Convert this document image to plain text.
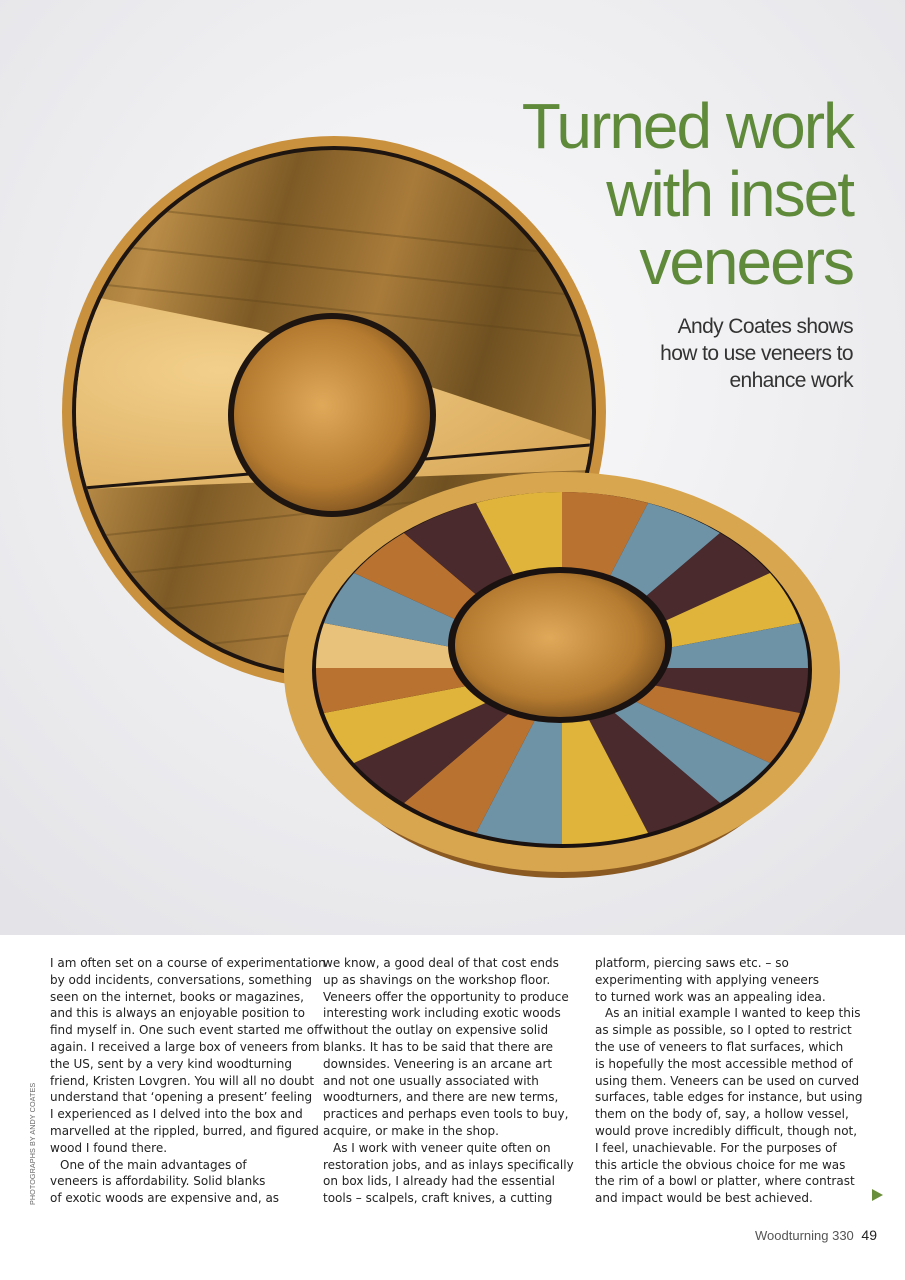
Turned work
with inset
veneers
Andy Coates shows
how to use veneers to
enhance work
PHOTOGRAPHS BY ANDY COATES

I am often set on a course of experimentation
by odd incidents, conversations, something
seen on the internet, books or magazines,
and this is always an enjoyable position to
find myself in. One such event started me off
again. I received a large box of veneers from
the US, sent by a very kind woodturning
friend, Kristen Lovgren. You will all no doubt
understand that ‘opening a present’ feeling
I experienced as I delved into the box and
marvelled at the rippled, burred, and figured
wood I found there.

One of the main advantages of
veneers is affordability. Solid blanks
of exotic woods are expensive and, as

we know, a good deal of that cost ends
up as shavings on the workshop floor.
Veneers offer the opportunity to produce
interesting work including exotic woods
without the outlay on expensive solid
blanks. It has to be said that there are
downsides. Veneering is an arcane art
and not one usually associated with
woodturners, and there are new terms,
practices and perhaps even tools to buy,
acquire, or make in the shop.

As I work with veneer quite often on
restoration jobs, and as inlays specifically
on box lids, I already had the essential
tools – scalpels, craft knives, a cutting

platform, piercing saws etc. – so
experimenting with applying veneers
to turned work was an appealing idea.

As an initial example I wanted to keep this
as simple as possible, so I opted to restrict
the use of veneers to flat surfaces, which
is hopefully the most accessible method of
using them. Veneers can be used on curved
surfaces, table edges for instance, but using
them on the body of, say, a hollow vessel,
would prove incredibly difficult, though not,
I feel, unachievable. For the purposes of
this article the obvious choice for me was
the rim of a bowl or platter, where contrast
and impact would be best achieved.

Woodturning 330 49
